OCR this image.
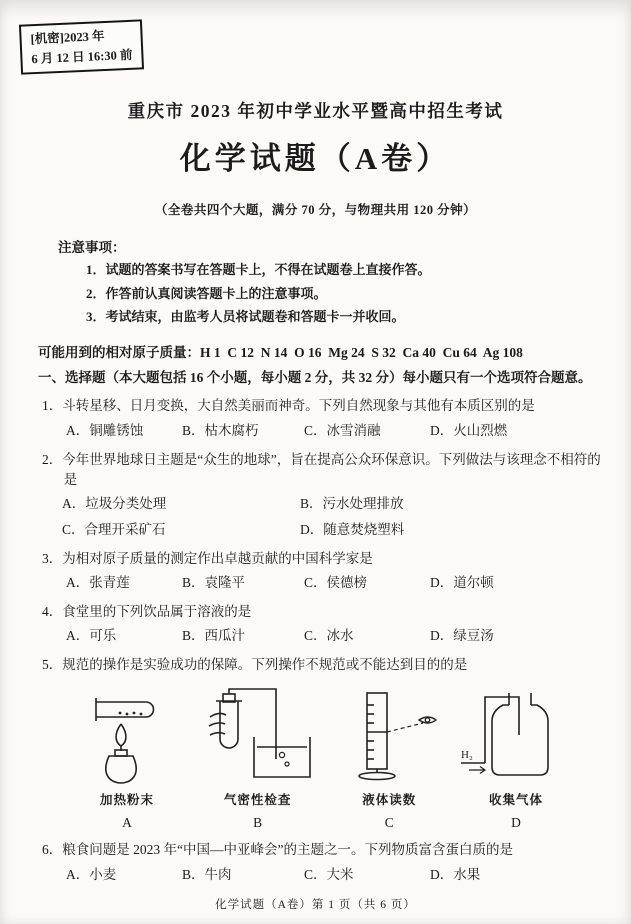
[机密]2023 年
6 月 12 日 16:30 前
重庆市 2023 年初中学业水平暨高中招生考试
化学试题（A卷）
（全卷共四个大题，满分 70 分，与物理共用 120 分钟）
注意事项：
1．试题的答案书写在答题卡上，不得在试题卷上直接作答。
2．作答前认真阅读答题卡上的注意事项。
3．考试结束，由监考人员将试题卷和答题卡一并收回。
可能用到的相对原子质量：H 1  C 12  N 14  O 16  Mg 24  S 32  Ca 40  Cu 64  Ag 108
一、选择题（本大题包括 16 个小题，每小题 2 分，共 32 分）每小题只有一个选项符合题意。
1．斗转星移、日月变换，大自然美丽而神奇。下列自然现象与其他有本质区别的是
A．铜雕锈蚀	B．枯木腐朽	C．冰雪消融	D．火山烈燃
2．今年世界地球日主题是“众生的地球”，旨在提高公众环保意识。下列做法与该理念不相符的是
A．垃圾分类处理	B．污水处理排放
C．合理开采矿石	D．随意焚烧塑料
3．为相对原子质量的测定作出卓越贡献的中国科学家是
A．张青莲	B．袁隆平	C．侯德榜	D．道尔顿
4．食堂里的下列饮品属于溶液的是
A．可乐	B．西瓜汁	C．冰水	D．绿豆汤
5．规范的操作是实验成功的保障。下列操作不规范或不能达到目的的是
加热粉末
A
气密性检查
B
液体读数
C
H₂
收集气体
D
6．粮食问题是 2023 年“中国—中亚峰会”的主题之一。下列物质富含蛋白质的是
A．小麦	B．牛肉	C．大米	D．水果
化学试题（A卷）第 1 页（共 6 页）
